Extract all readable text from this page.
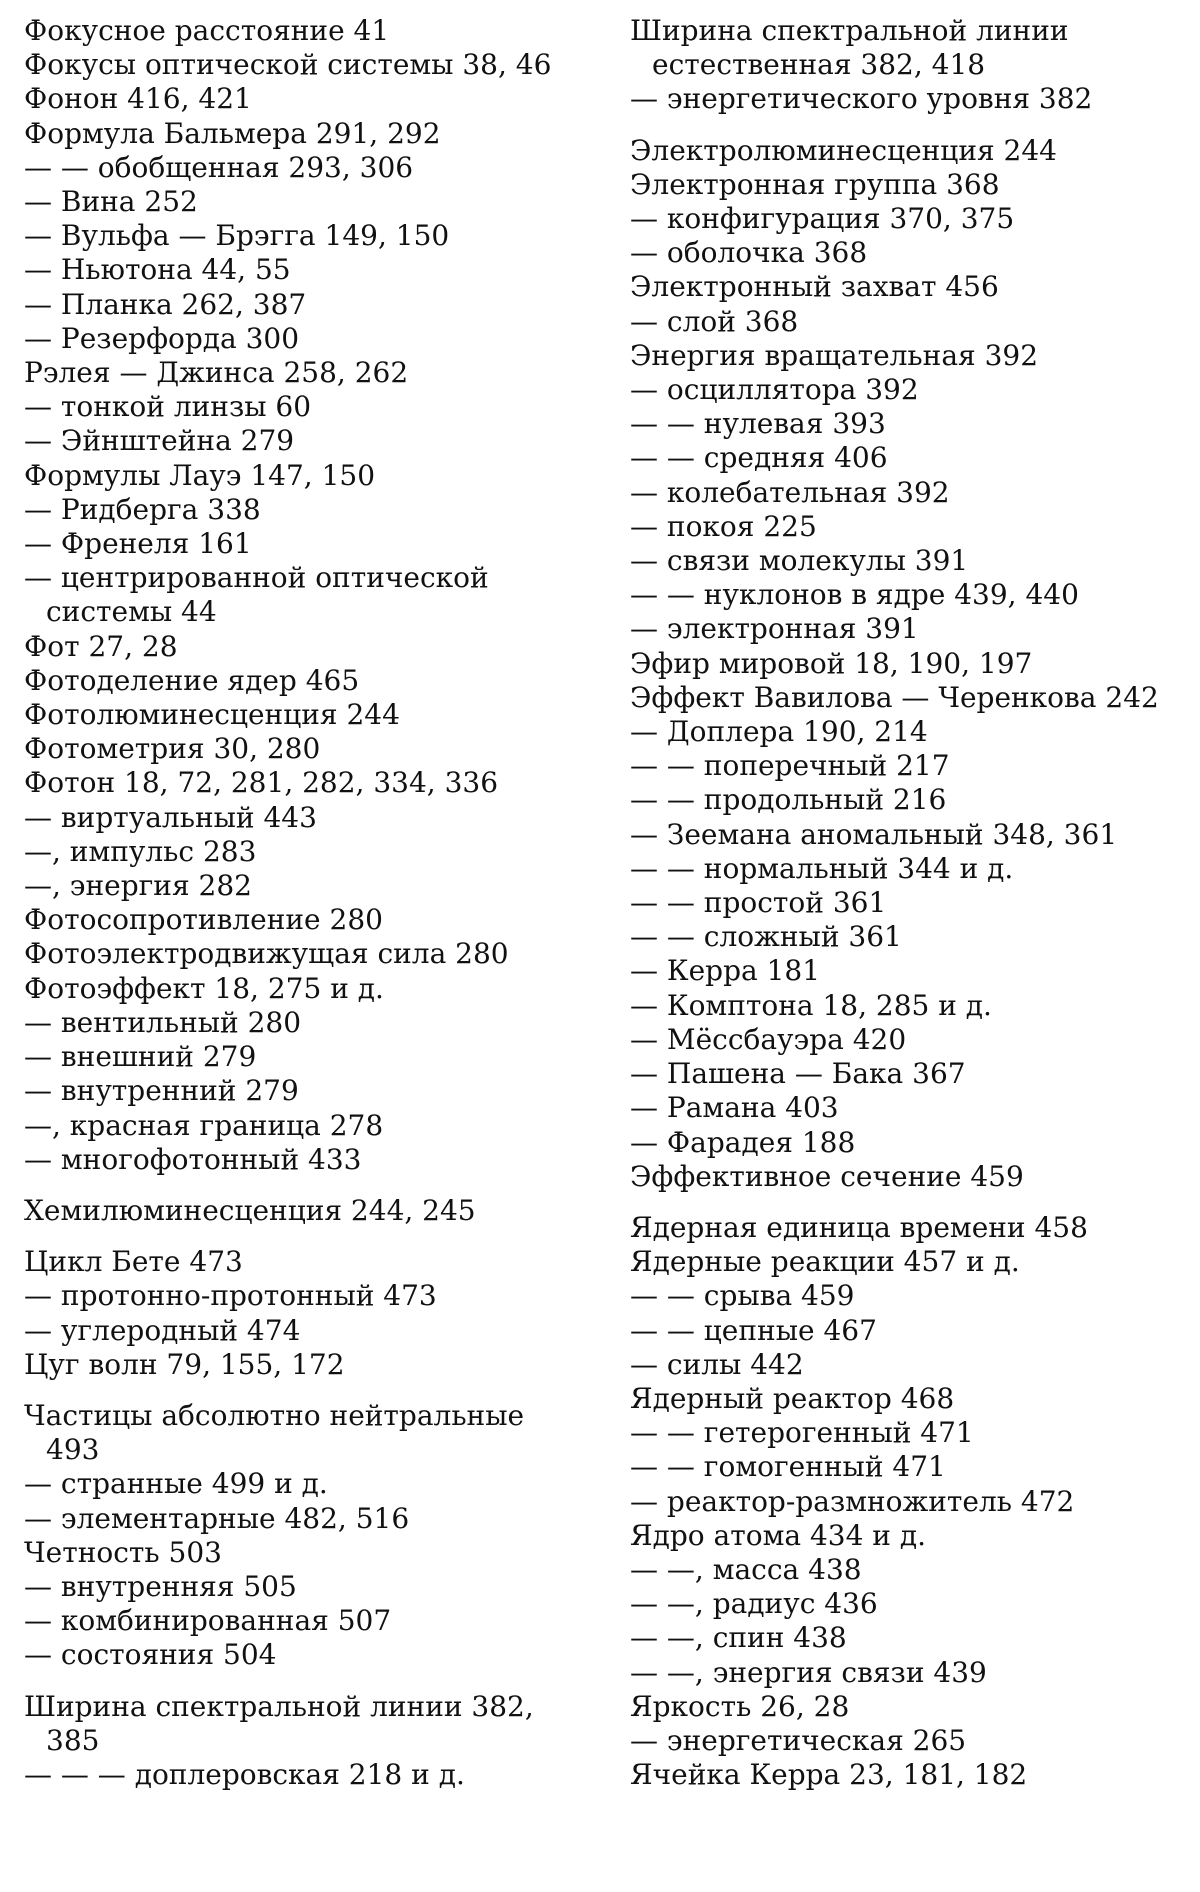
Фокусное расстояние 41

Фокусы оптической системы 38, 46

Фонон 416, 421

Формула Бальмера 291, 292

— — обобщенная 293, 306

— Вина 252

— Вульфа — Брэгга 149, 150

— Ньютона 44, 55

— Планка 262, 387

— Резерфорда 300

Рэлея — Джинса 258, 262

— тонкой линзы 60

— Эйнштейна 279

Формулы Лауэ 147, 150

— Ридберга 338

— Френеля 161

— центрированной оптической системы 44

Фот 27, 28

Фотоделение ядер 465

Фотолюминесценция 244

Фотометрия 30, 280

Фотон 18, 72, 281, 282, 334, 336

— виртуальный 443

—, импульс 283

—, энергия 282

Фотосопротивление 280

Фотоэлектродвижущая сила 280

Фотоэффект 18, 275 и д.

— вентильный 280

— внешний 279

— внутренний 279

—, красная граница 278

— многофотонный 433

Хемилюминесценция 244, 245

Цикл Бете 473

— протонно-протонный 473

— углеродный 474

Цуг волн 79, 155, 172

Частицы абсолютно нейтральные 493

— странные 499 и д.

— элементарные 482, 516

Четность 503

— внутренняя 505

— комбинированная 507

— состояния 504

Ширина спектральной линии 382, 385

— — — доплеровская 218 и д.

Ширина спектральной линии естественная 382, 418

— энергетического уровня 382

Электролюминесценция 244

Электронная группа 368

— конфигурация 370, 375

— оболочка 368

Электронный захват 456

— слой 368

Энергия вращательная 392

— осциллятора 392

— — нулевая 393

— — средняя 406

— колебательная 392

— покоя 225

— связи молекулы 391

— — нуклонов в ядре 439, 440

— электронная 391

Эфир мировой 18, 190, 197

Эффект Вавилова — Черенкова 242

— Доплера 190, 214

— — поперечный 217

— — продольный 216

— Зеемана аномальный 348, 361

— — нормальный 344 и д.

— — простой 361

— — сложный 361

— Керра 181

— Комптона 18, 285 и д.

— Мёссбауэра 420

— Пашена — Бака 367

— Рамана 403

— Фарадея 188

Эффективное сечение 459

Ядерная единица времени 458

Ядерные реакции 457 и д.

— — срыва 459

— — цепные 467

— силы 442

Ядерный реактор 468

— — гетерогенный 471

— — гомогенный 471

— реактор-размножитель 472

Ядро атома 434 и д.

— —, масса 438

— —, радиус 436

— —, спин 438

— —, энергия связи 439

Яркость 26, 28

— энергетическая 265

Ячейка Керра 23, 181, 182
